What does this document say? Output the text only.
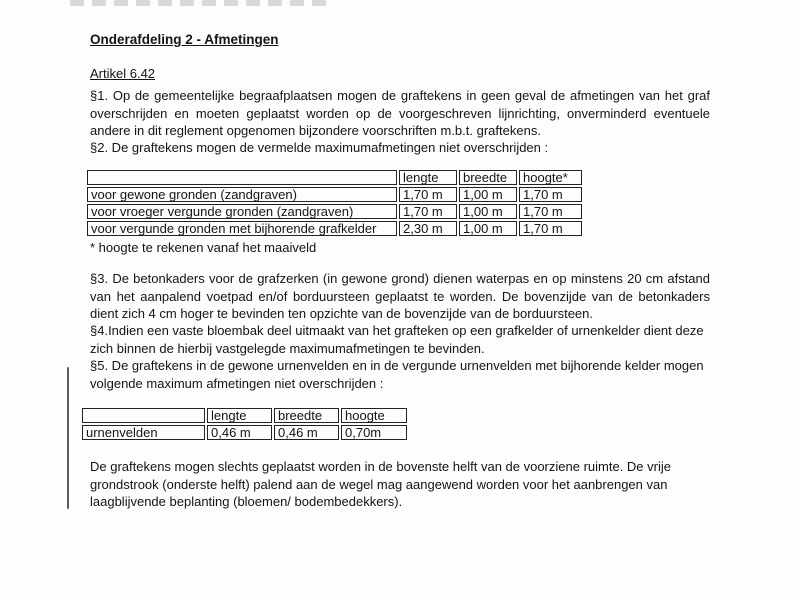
Onderafdeling 2 - Afmetingen
Artikel 6.42
§1. Op de gemeentelijke begraafplaatsen mogen de graftekens in geen geval de afmetingen van het graf overschrijden en moeten geplaatst worden op de voorgeschreven lijnrichting, onverminderd eventuele andere in dit reglement opgenomen bijzondere voorschriften m.b.t. graftekens.
§2. De graftekens mogen de vermelde maximumafmetingen niet overschrijden :
	lengte	breedte	hoogte*
voor gewone gronden (zandgraven)	1,70 m	1,00 m	1,70 m
voor vroeger vergunde gronden (zandgraven)	1,70 m	1,00 m	1,70 m
voor vergunde gronden met bijhorende grafkelder	2,30 m	1,00 m	1,70 m
* hoogte te rekenen vanaf het maaiveld
§3. De betonkaders voor de grafzerken (in gewone grond) dienen waterpas en op minstens 20 cm afstand van het aanpalend voetpad en/of borduursteen geplaatst te worden. De bovenzijde van de betonkaders dient zich 4 cm hoger te bevinden ten opzichte van de bovenzijde van de borduursteen.
§4.Indien een vaste bloembak deel uitmaakt van het grafteken op een grafkelder of urnenkelder dient deze zich binnen de hierbij vastgelegde maximumafmetingen te bevinden.
§5. De graftekens in de gewone urnenvelden en in de vergunde urnenvelden met bijhorende kelder mogen volgende maximum afmetingen niet overschrijden :
	lengte	breedte	hoogte
urnenvelden	0,46 m	0,46 m	0,70m
De graftekens mogen slechts geplaatst worden in de bovenste helft van de voorziene ruimte. De vrije grondstrook (onderste helft) palend aan de wegel mag aangewend worden voor het aanbrengen van laagblijvende beplanting (bloemen/ bodembedekkers).
